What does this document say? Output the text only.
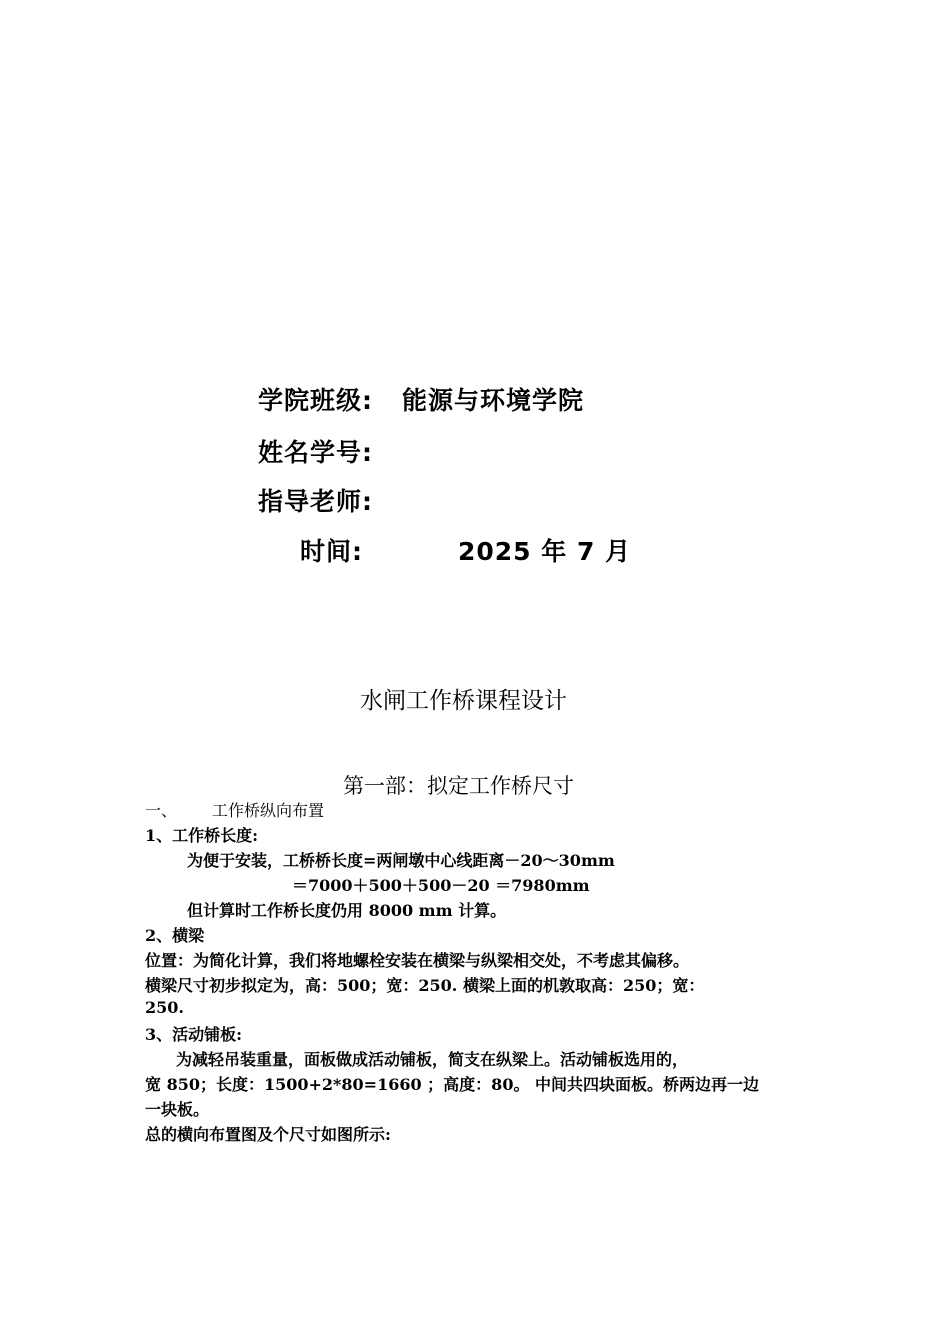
学院班级: 能源与环境学院
姓名学号:
指导老师:
时间:	2025 年 7 月
水闸工作桥课程设计
第一部：拟定工作桥尺寸
一、 工作桥纵向布置
1、工作桥长度:
为便于安装，工桥桥长度=两闸墩中心线距离－20～30mm
＝7000＋500＋500－20 ＝7980mm
但计算时工作桥长度仍用 8000 mm 计算。
2、横梁
位置：为简化计算，我们将地螺栓安装在横梁与纵梁相交处，不考虑其偏移。
横梁尺寸初步拟定为，高：500；宽：250. 横梁上面的机敦取高：250；宽：
250.
3、活动铺板:
为减轻吊装重量，面板做成活动铺板，简支在纵梁上。活动铺板选用的，
宽 850；长度：1500+2*80=1660 ；高度：80。 中间共四块面板。桥两边再一边
一块板。
总的横向布置图及个尺寸如图所示:
